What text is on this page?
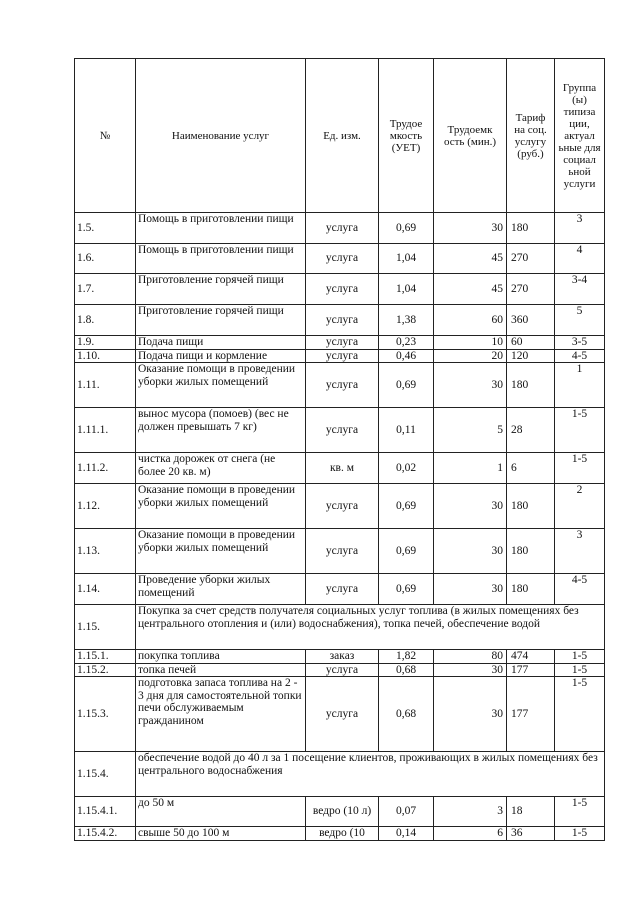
№	Наименование услуг	Ед. изм.	Трудое мкость (УЕТ)	Трудоемк ость (мин.)	Тариф на соц. услугу (руб.)	Группа (ы) типиза ции, актуал ьные для социал ьной услуги
1.5.	Помощь в приготовлении пищи	услуга	0,69	30	180	3
1.6.	Помощь в приготовлении пищи	услуга	1,04	45	270	4
1.7.	Приготовление горячей пищи	услуга	1,04	45	270	3-4
1.8.	Приготовление горячей пищи	услуга	1,38	60	360	5
1.9.	Подача пищи	услуга	0,23	10	60	3-5
1.10.	Подача пищи и кормление	услуга	0,46	20	120	4-5
1.11.	Оказание помощи в проведении уборки жилых помещений	услуга	0,69	30	180	1
1.11.1.	вынос мусора (помоев) (вес не должен превышать 7 кг)	услуга	0,11	5	28	1-5
1.11.2.	чистка дорожек от снега (не более 20 кв. м)	кв. м	0,02	1	6	1-5
1.12.	Оказание помощи в проведении уборки жилых помещений	услуга	0,69	30	180	2
1.13.	Оказание помощи в проведении уборки жилых помещений	услуга	0,69	30	180	3
1.14.	Проведение уборки жилых помещений	услуга	0,69	30	180	4-5
1.15.	Покупка за счет средств получателя социальных услуг топлива (в жилых помещениях без центрального отопления и (или) водоснабжения), топка печей, обеспечение водой					
1.15.1.	покупка топлива	заказ	1,82	80	474	1-5
1.15.2.	топка печей	услуга	0,68	30	177	1-5
1.15.3.	подготовка запаса топлива на 2 - 3 дня для самостоятельной топки печи обслуживаемым гражданином	услуга	0,68	30	177	1-5
1.15.4.	обеспечение водой до 40 л за 1 посещение клиентов, проживающих в жилых помещениях без центрального водоснабжения					
1.15.4.1.	до 50 м	ведро (10 л)	0,07	3	18	1-5
1.15.4.2.	свыше 50 до 100 м	ведро (10	0,14	6	36	1-5
